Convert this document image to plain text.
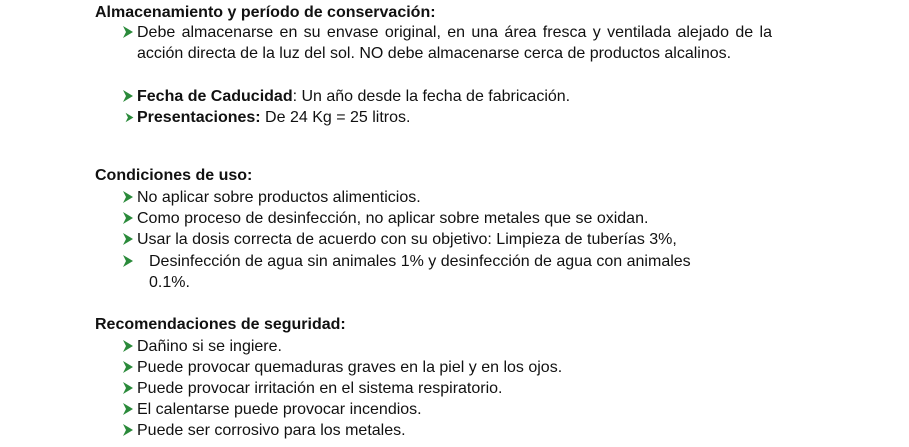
Almacenamiento y período de conservación:
Debe almacenarse en su envase original, en una área fresca y ventilada alejado de la acción directa de la luz del sol. NO debe almacenarse cerca de productos alcalinos.
Fecha de Caducidad: Un año desde la fecha de fabricación.
Presentaciones: De 24 Kg = 25 litros.
Condiciones de uso:
No aplicar sobre productos alimenticios.
Como proceso de desinfección, no aplicar sobre metales que se oxidan.
Usar la dosis correcta de acuerdo con su objetivo: Limpieza de tuberías 3%,
Desinfección de agua sin animales 1% y desinfección de agua con animales
0.1%.
Recomendaciones de seguridad:
Dañino si se ingiere.
Puede provocar quemaduras graves en la piel y en los ojos.
Puede provocar irritación en el sistema respiratorio.
El calentarse puede provocar incendios.
Puede ser corrosivo para los metales.
